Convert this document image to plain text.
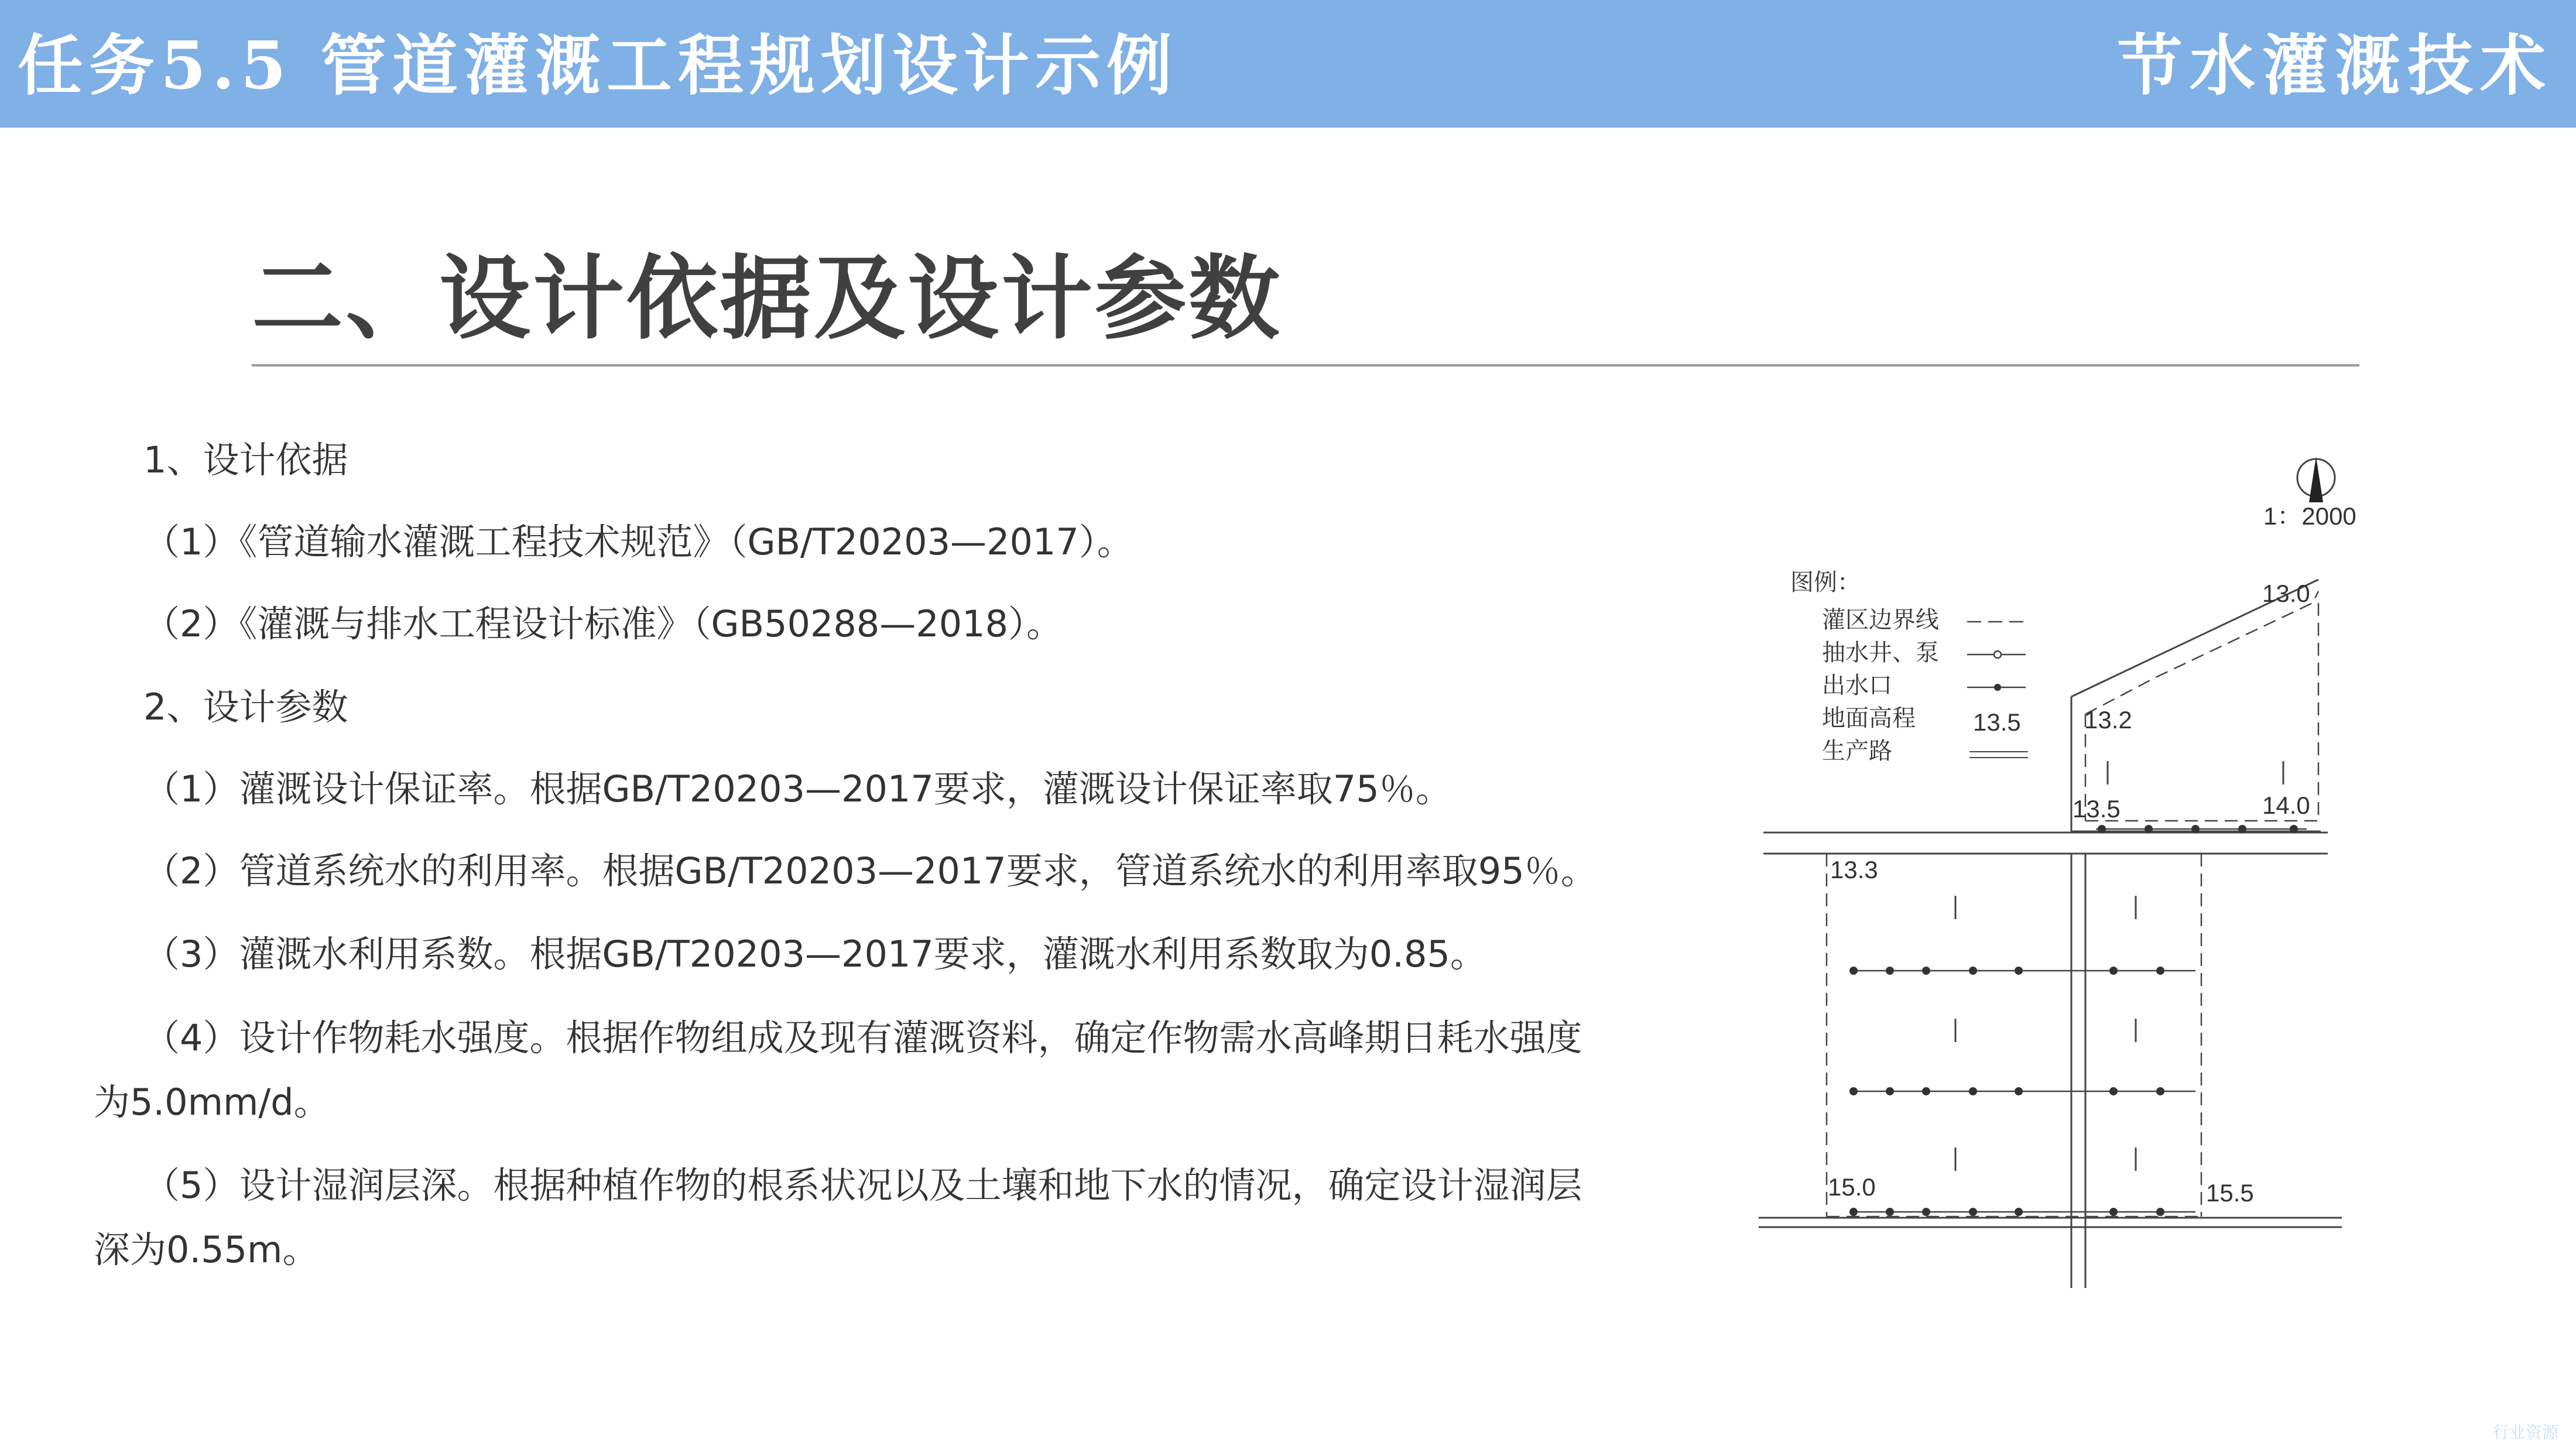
任务5.5 管道灌溉工程规划设计示例	节水灌溉技术
二、设计依据及设计参数
1、设计依据
（1）《管道输水灌溉工程技术规范》（GB/T20203—2017）。
（2）《灌溉与排水工程设计标准》（GB50288—2018）。
2、设计参数
（1）灌溉设计保证率。根据GB/T20203—2017要求，灌溉设计保证率取75％。
（2）管道系统水的利用率。根据GB/T20203—2017要求，管道系统水的利用率取95％。
（3）灌溉水利用系数。根据GB/T20203—2017要求，灌溉水利用系数取为0.85。
（4）设计作物耗水强度。根据作物组成及现有灌溉资料，确定作物需水高峰期日耗水强度为5.0mm/d。
（5）设计湿润层深。根据种植作物的根系状况以及土壤和地下水的情况，确定设计湿润层深为0.55m。
1：2000
图例：
灌区边界线
抽水井、泵
出水口
地面高程 13.5
生产路
13.0
13.2
13.5	14.0
13.3
15.0	15.5
行业资源
